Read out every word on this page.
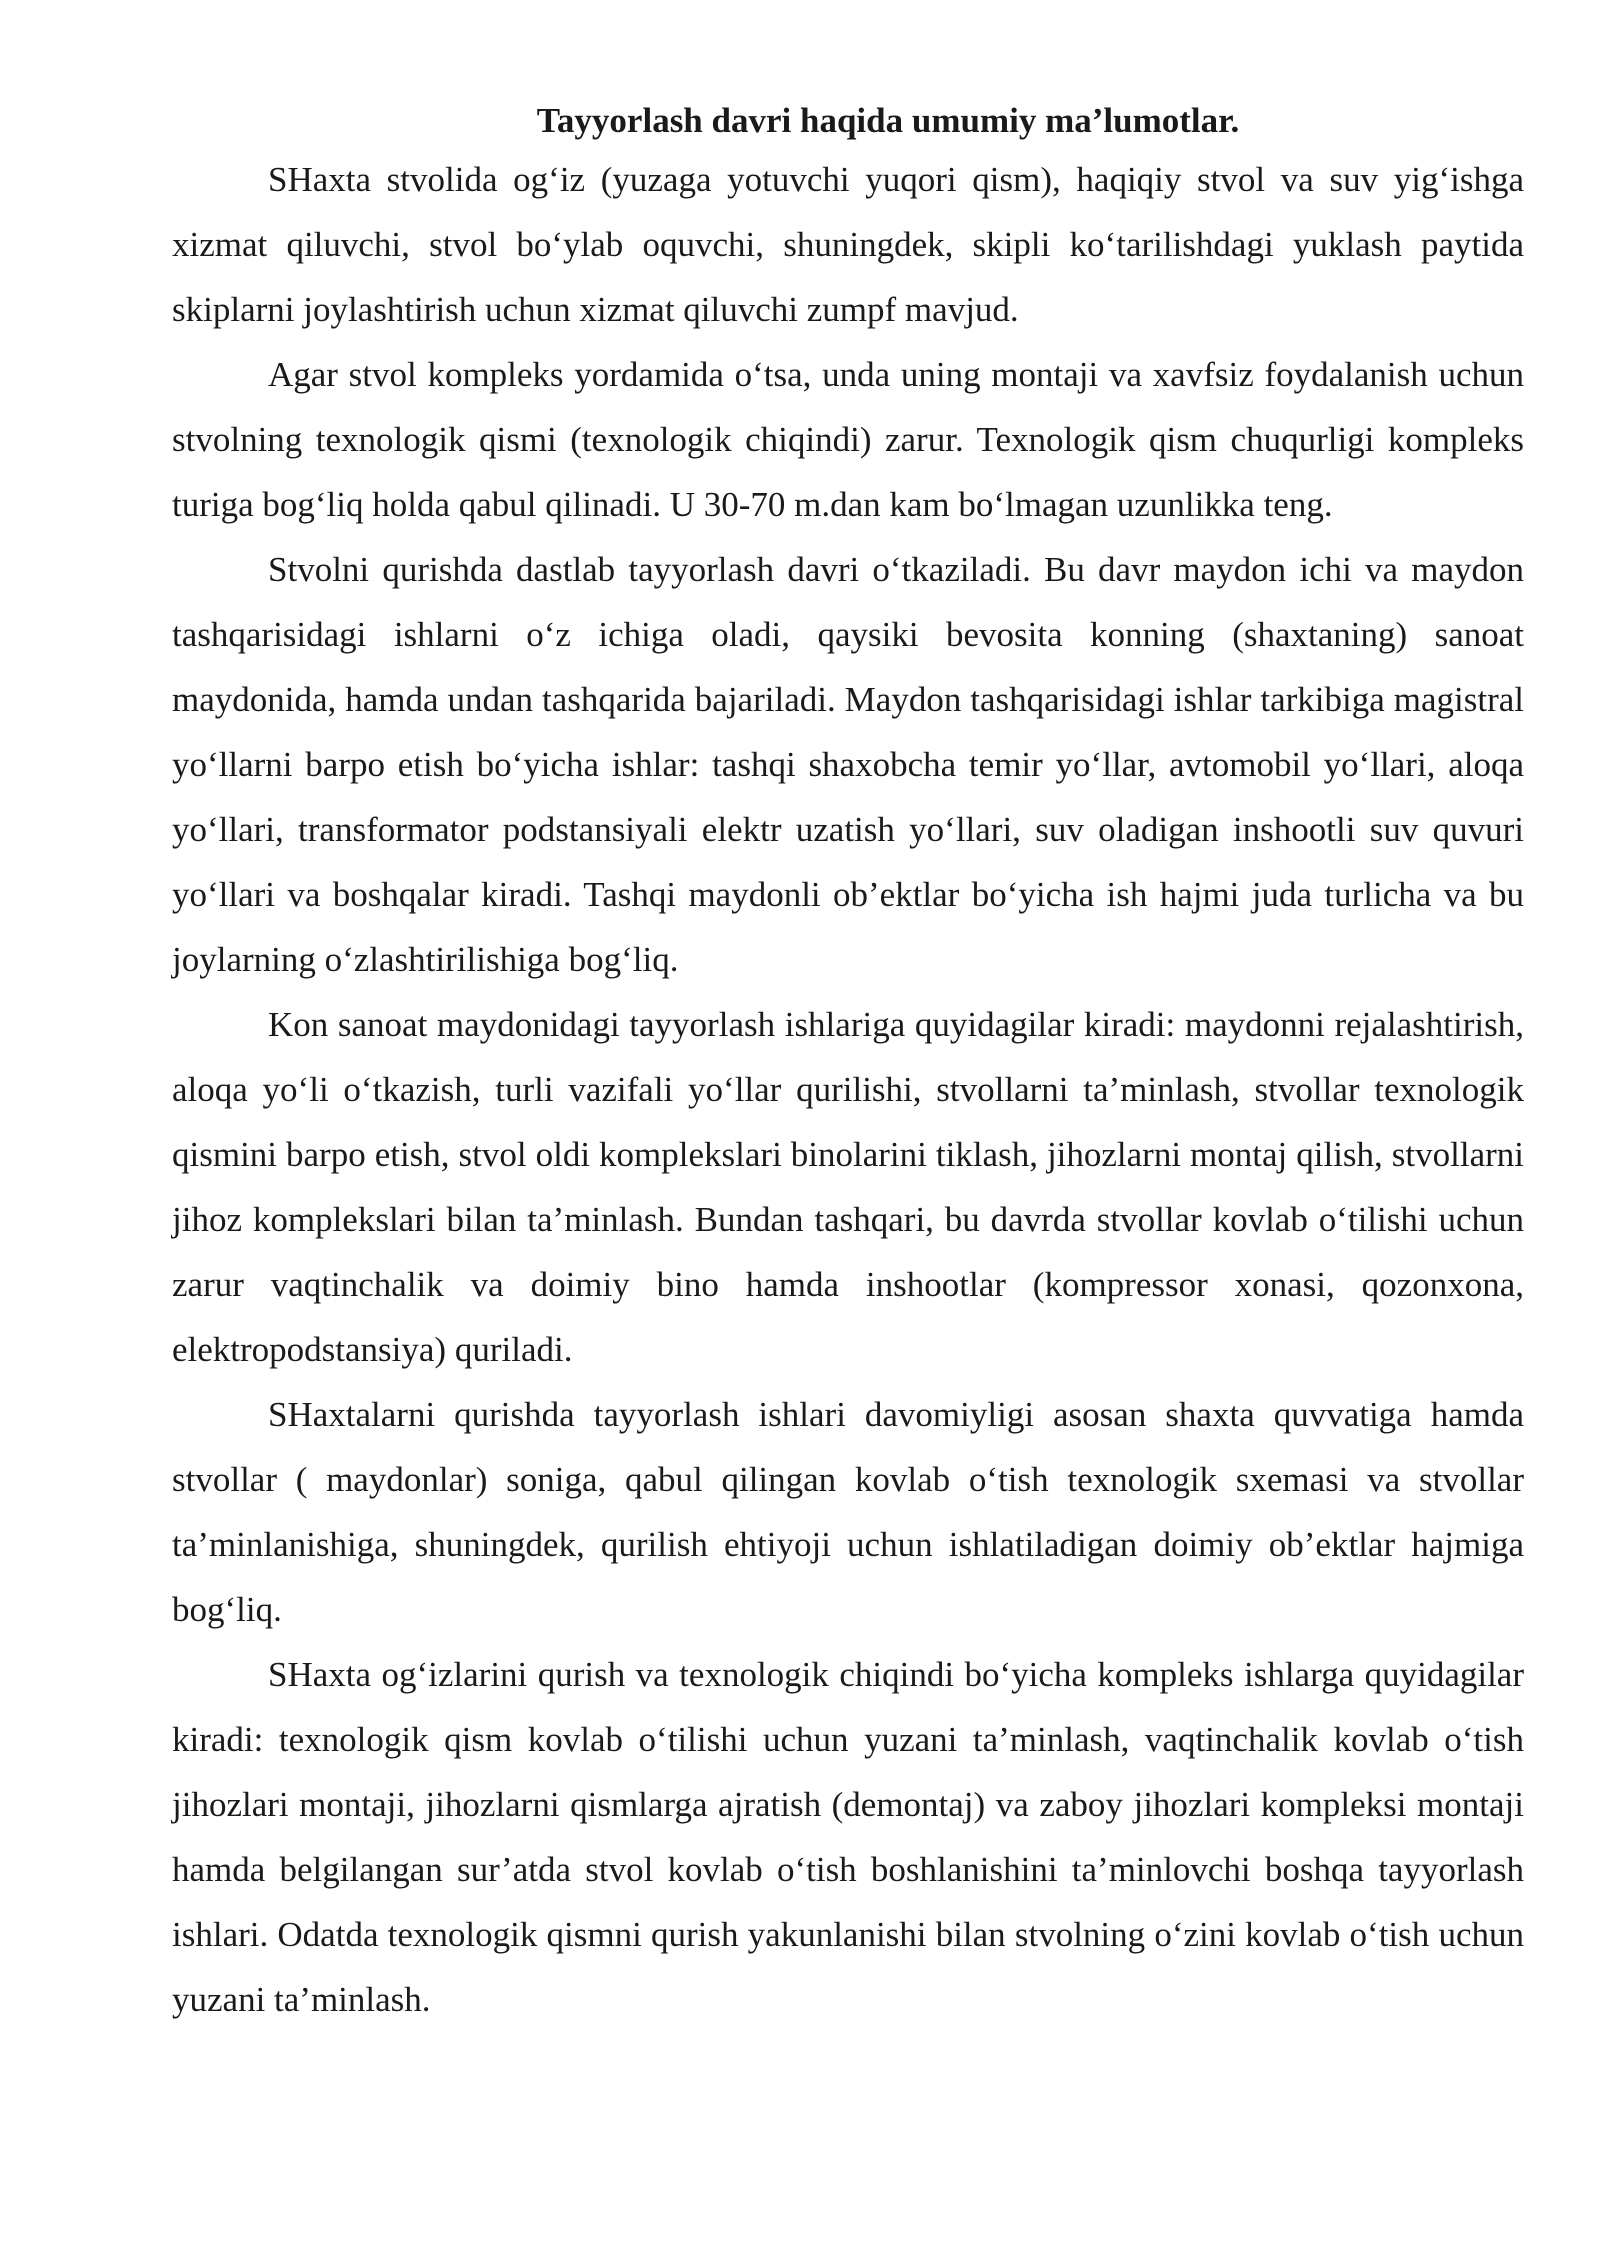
Tayyorlash davri haqida umumiy ma’lumotlar.

SHaxta stvolida og‘iz (yuzaga yotuvchi yuqori qism), haqiqiy stvol va suv yig‘ishga xizmat qiluvchi, stvol bo‘ylab oquvchi, shuningdek, skipli ko‘tarilishdagi yuklash paytida skiplarni joylashtirish uchun xizmat qiluvchi zumpf mavjud.

Agar stvol kompleks yordamida o‘tsa, unda uning montaji va xavfsiz foydalanish uchun stvolning texnologik qismi (texnologik chiqindi) zarur. Texnologik qism chuqurligi kompleks turiga bog‘liq holda qabul qilinadi. U 30-70 m.dan kam bo‘lmagan uzunlikka teng.

Stvolni qurishda dastlab tayyorlash davri o‘tkaziladi. Bu davr maydon ichi va maydon tashqarisidagi ishlarni o‘z ichiga oladi, qaysiki bevosita konning (shaxtaning) sanoat maydonida, hamda undan tashqarida bajariladi. Maydon tashqarisidagi ishlar tarkibiga magistral yo‘llarni barpo etish bo‘yicha ishlar: tashqi shaxobcha temir yo‘llar, avtomobil yo‘llari, aloqa yo‘llari, transformator podstansiyali elektr uzatish yo‘llari, suv oladigan inshootli suv quvuri yo‘llari va boshqalar kiradi. Tashqi maydonli ob’ektlar bo‘yicha ish hajmi juda turlicha va bu joylarning o‘zlashtirilishiga bog‘liq.

Kon sanoat maydonidagi tayyorlash ishlariga quyidagilar kiradi: maydonni rejalashtirish, aloqa yo‘li o‘tkazish, turli vazifali yo‘llar qurilishi, stvollarni ta’minlash, stvollar texnologik qismini barpo etish, stvol oldi komplekslari binolarini tiklash, jihozlarni montaj qilish, stvollarni jihoz komplekslari bilan ta’minlash. Bundan tashqari, bu davrda stvollar kovlab o‘tilishi uchun zarur vaqtinchalik va doimiy bino hamda inshootlar (kompressor xonasi, qozonxona, elektropodstansiya) quriladi.

SHaxtalarni qurishda tayyorlash ishlari davomiyligi asosan shaxta quvvatiga hamda stvollar ( maydonlar) soniga, qabul qilingan kovlab o‘tish texnologik sxemasi va stvollar ta’minlanishiga, shuningdek, qurilish ehtiyoji uchun ishlatiladigan doimiy ob’ektlar hajmiga bog‘liq.

SHaxta og‘izlarini qurish va texnologik chiqindi bo‘yicha kompleks ishlarga quyidagilar kiradi: texnologik qism kovlab o‘tilishi uchun yuzani ta’minlash, vaqtinchalik kovlab o‘tish jihozlari montaji, jihozlarni qismlarga ajratish (demontaj) va zaboy jihozlari kompleksi montaji hamda belgilangan sur’atda stvol kovlab o‘tish boshlanishini ta’minlovchi boshqa tayyorlash ishlari. Odatda texnologik qismni qurish yakunlanishi bilan stvolning o‘zini kovlab o‘tish uchun yuzani ta’minlash.
